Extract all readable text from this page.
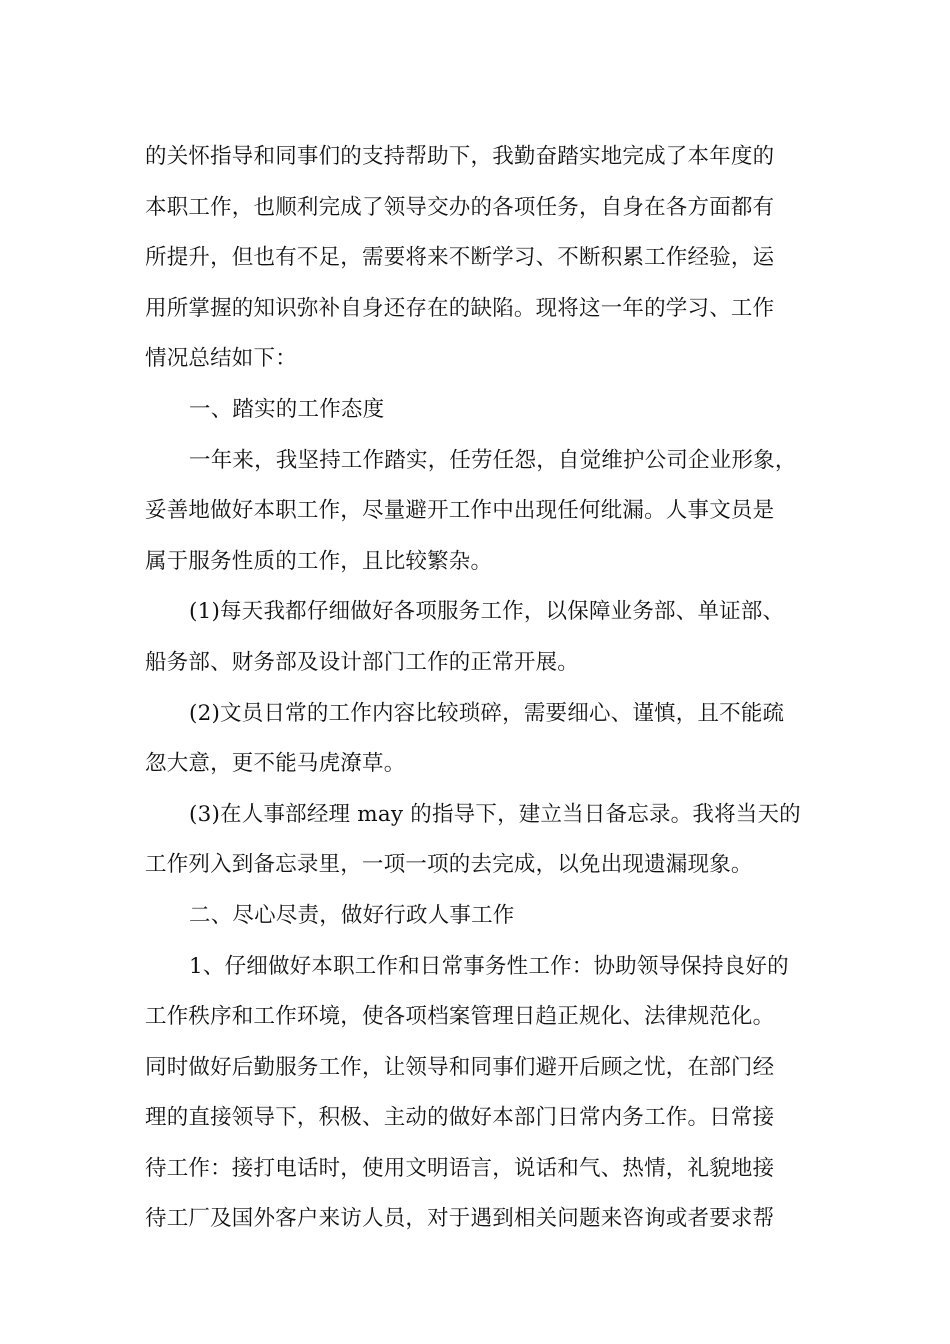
的关怀指导和同事们的支持帮助下，我勤奋踏实地完成了本年度的
本职工作，也顺利完成了领导交办的各项任务，自身在各方面都有
所提升，但也有不足，需要将来不断学习、不断积累工作经验，运
用所掌握的知识弥补自身还存在的缺陷。现将这一年的学习、工作
情况总结如下：
一、踏实的工作态度
一年来，我坚持工作踏实，任劳任怨，自觉维护公司企业形象，
妥善地做好本职工作，尽量避开工作中出现任何纰漏。人事文员是
属于服务性质的工作，且比较繁杂。
(1)每天我都仔细做好各项服务工作，以保障业务部、单证部、
船务部、财务部及设计部门工作的正常开展。
(2)文员日常的工作内容比较琐碎，需要细心、谨慎，且不能疏
忽大意，更不能马虎潦草。
(3)在人事部经理 may 的指导下，建立当日备忘录。我将当天的
工作列入到备忘录里，一项一项的去完成，以免出现遗漏现象。
二、尽心尽责，做好行政人事工作
1、仔细做好本职工作和日常事务性工作：协助领导保持良好的
工作秩序和工作环境，使各项档案管理日趋正规化、法律规范化。
同时做好后勤服务工作，让领导和同事们避开后顾之忧，在部门经
理的直接领导下，积极、主动的做好本部门日常内务工作。日常接
待工作：接打电话时，使用文明语言，说话和气、热情，礼貌地接
待工厂及国外客户来访人员，对于遇到相关问题来咨询或者要求帮
